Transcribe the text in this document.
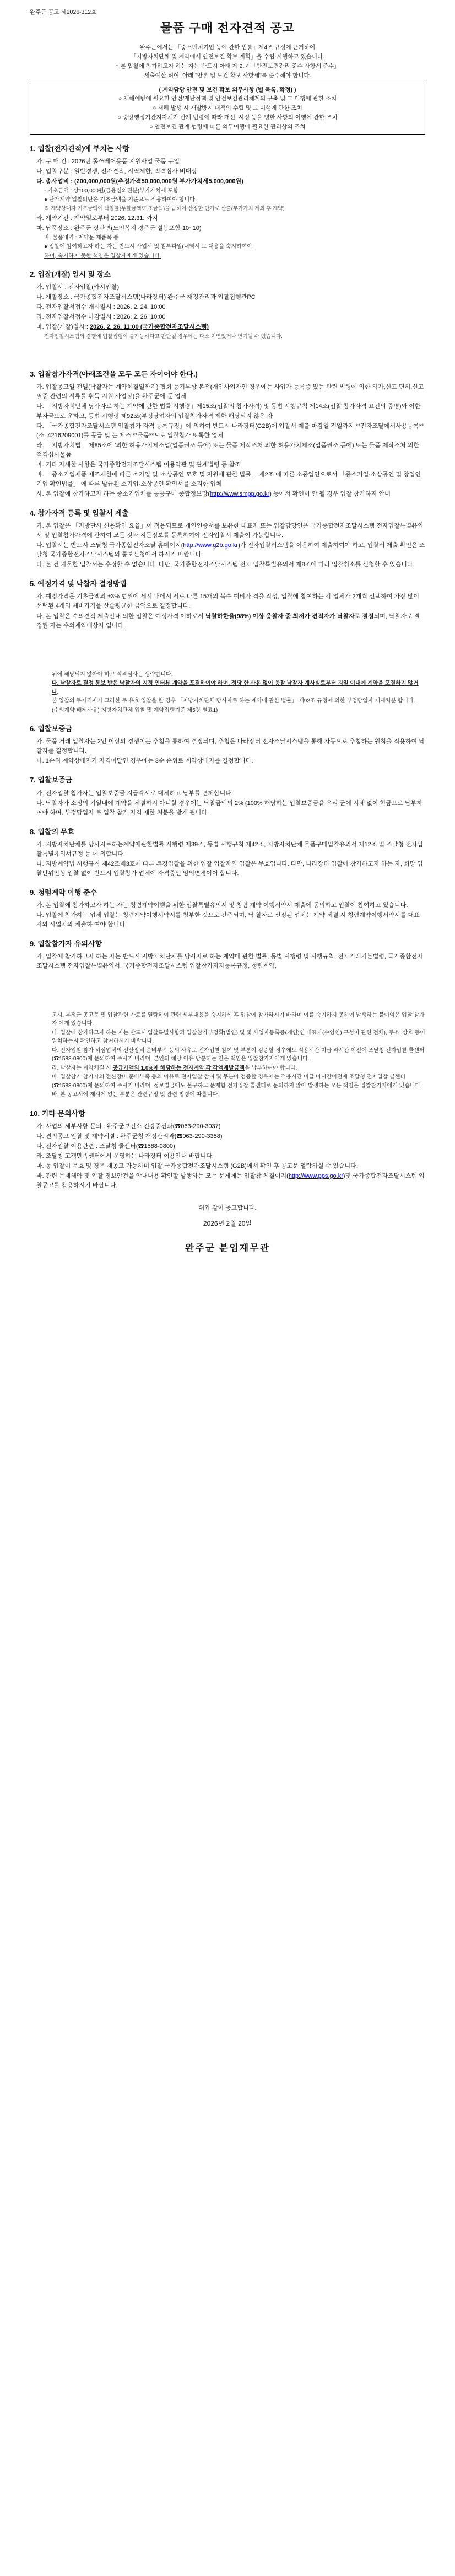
완주군 공고 제2026-312호

물품 구매 전자견적 공고
완주군에서는 「중소벤처기업 등에 관한 법률」제4조 규정에 근거하여
「지방자치단체 및 계약에서 안전보건 확보 계획」을 수립·시행하고 있습니다.
○ 본 입찰에 참가하고자 하는 자는 반드시 아래 제 2. 4 「안전보건관리 준수 사항세 준수」
세출예산 허여, 아래 "안론 및 보건 확보 사항세"를 준수해야 합니다.
( 계약담당 안전 및 보건 확보 의무사항 (별 목록, 확정) )
○ 재해예방에 필요한 안전/재난정책 및 안전보건관리체계의 구축 및 그 이행에 관한 조치
○ 재해 발생 시 재발방지 대책의 수립 및 그 이행에 관한 조치
○ 중앙행정기관지자체가 관계 법령에 따라 개선, 시정 등을 명한 사항의 이행에 관한 조치
○ 안전보건 관계 법령에 따른 의무이행에 필요한 관리상의 조치
1. 입찰(전자견적)에 부치는 사항

가. 구 매 건 : 2026년 홀쓰케어용품 지원사업 물품 구입

나. 입찰구분 : 일반경쟁, 전자견적, 지역제한, 적격심사 비대상

다. 총사업비 : (200,000,000원(추정가격50,000,000원 부가가치세5,000,000원)

- 기초금액 : 상100,000원(금융심의된분)부가가치세 포함

● 단가계약 입찰의단은 기초금액을 기준으로 적용하여야 합니다.

※ 계약상대자 기초금액에 낙찰률(투찰금액/기초금액)을 곱하여 산정한 단가로 산출(부가가치 제외 후 계약)

라. 계약기간 : 계약일로부터 2026. 12.31. 까지

마. 납품장소 : 완주군 상관면(노인복지 경주군 설봉포함 10~10)

바. 물품내역 : 계약문 제품목 품

● 입찰에 참여하고자 하는 자는 반드시 사업서 및 첨부파일(내역서 그 대용을 숙지하여야

하며, 숙지하지 못한 책임은 입찰자에게 있습니다.

2. 입찰(개찰) 일시 및 장소

가. 입찰서 : 전자입찰(카시입찰)

나. 개찰장소 : 국가종합전자조달시스템(나라장터) 완주군 재정관리과 입찰집행관PC

다. 전자입찰서접수 개시일시 : 2026. 2. 24. 10:00

라. 전자입찰서접수 마감일시 : 2026. 2. 26. 10:00

마. 입찰(개찰)일시 : 2026. 2. 26. 11:00 (국가종합전자조달시스템)

전자입찰시스템의 경쟁에 입찰집행이 불가능하다고 판단될 경우에는 다소 지연있거나 연기될 수 있습니다.

3. 입찰참가자격(아래조건을 모두 모든 자이어야 한다.)

가. 입찰공고일 전일(낙찰자는 계약체결일까지) 협회 등기부상 본점(개인사업자인 경우에는 사업자 등록증 있는 관련 법령에 의한 허가,신고,면허,신고필증 관련의 서류를 취득 지원 사업장)을 완주군에 둔 업체

나. 「지방자치단체 당사자로 하는 계약에 관한 법률 시행령」제15조(입찰의 참가자격) 및 동법 시행규칙 제14조(입찰 참가자격 요건의 증명)와 이한 부자금으로 운하고, 동법 시행령 제92조(부정당업자의 입찰참가자격 제한 해당되지 않은 자

다. 「국가종합전자조달시스템 입찰참가 자격 등록규정」에 의하여 반드시 나라장터(G2B)에 입찰서 제출 마감일 전일까지 **전자조달에서사용등록**(조: 4216209001)를 공급 및 는 제조 **물품**으로 입찰참가 또록한 업체

라. 「지방자치법」 제85조에 '의한 허용가치제조업(업품권조 등에) 또는 물품 제작조처 의한 허용가치제조(업품권조 등에) 또는 물품 제작조처 의한 적격심사물품

마. 기타 자세한 사항은 국가종합전자조달시스템 이용약관 및 관계법령 등 참조

바. 「중소기업제품 제조제한에 따른 소기업 및 '소상공인 모호 및 지원에 관한 법률」 제2조 에 따른 소중업인으로서 「중소기업·소상공인 및 창업인기업 확인법률」 에 따른 발급된 소기업·소상공인 확인서를 소지한 업체

사. 본 입찰에 참가하고자 하는 중소기업체를 공공구매 종합정보망(http://www.smpp.go.kr) 등에서 확인이 안 될 경우 입찰 참가하지 안내

4. 참가자격 등록 및 입찰서 제출

가. 본 입찰은 「지방단사 신용확인 요율」이 적용되므로 개인인증서를 보유한 대표자 또는 입찰담당인은 국가종합전자조달시스템 전자입찰특별유의서 및 입찰참가자격에 관하여 모든 것과 지문정보를 등록하여야 전자입찰서 제출이 가능합니다.

나. 입찰서는 반드시 조달청 국가종합전자조달 홈페이지(http://www.g2b.go.kr)가 전자입찰서스템을 이용하여 제출하여야 하고, 입찰서 제출 확인은 조달청 국가종합전자조달시스템의 통보신청에서 하시기 바랍니다.

다. 본 건 자물한 입찰서는 수정할 수 없습니다. 다만, 국가종합전자조달시스템 전자 입찰특별유의서 제8조에 따라 입찰취소를 신청할 수 있습니다.

5. 예정가격 및 낙찰자 결정방법

가. 예정가격은 기초금액의 ±3% 범위에 세시 내에서 서로 다른 15개의 복수 예비가 격을 작성, 입찰에 참여하는 각 업체가 2개씩 선택하여 가장 많이 선택된 4개의 예비가격을 산술평균한 금액으로 결정합니다.

나. 본 입찰은 수의견적 제출안내 의한 입찰은 예정가격 이하로서 낙찰하한율(98%) 이상 응찰자 중 최저가 견적자가 낙찰자로 결정되며, 낙찰자로 결정된 자는 수의계약대상자 입니다.

위에 해당되지 않아야 하고 적격심사는 생략합니다.

다. 낙찰자로 결정 통보 받은 낙찰자의 지정 인터뷰 계약을 포결하여야 하며, 정당 한 사유 없이 응찰 낙찰자 계사실로부터 지일 이내에 계약을 포결하지 않거나,

본 입찰의 무자격자가 그러한 무 유효 입찰을 한 경우 「지방자치단체 당사자로 하는 계약에 관한 법률」 제92조 규정에 의한 부정당업자 제재처분 합니다.

(수의계약 배제사유) 지방자치단체 입찰 및 계약집행기준 제5장 별표1)

6. 입찰보증금

가. 물품 거래 입찰자는 2인 이상의 경쟁이는 추첨을 통하여 결정되며, 추첨은 나라장터 전자조달시스템을 통해 자동으로 추첨하는 원칙을 적용하여 낙찰자를 결정합니다.

나. 1순위 계약상대자가 자격미달인 경우에는 3순 순위로 계약상대자를 결정합니다.

7. 입찰보증금

가. 전자입찰 참가자는 입찰보증금 지급각서로 대체하고 납부를 면제합니다.

나. 낙찰자가 소정의 기일내에 계약을 체결하지 아니할 경우에는 낙찰금액의 2% (100% 해당하는 입찰보증금을 우리 군에 지체 없이 현금으로 납부하여야 하며, 부정당업자 로 입찰 참가 자격 제한 처분을 받게 됩니다.

8. 입찰의 무효

가. 지방자치단체를 당사자로하는계약에관한법률 시행령 제39조, 동법 시행규칙 제42조, 지방자치단체 물품구매입찰유의서 제12조 및 조달청 전자입찰특별유의서규정 등 에 의합니다.

나. 지방계약법 시행규칙 제42조제3호에 따른 본경입찰을 위한 입찰 입찰자의 입찰은 무효입니다. 다만, 나라장터 입찰에 참가하고자 하는 자, 희망 입찰단위안상 입찰 없이 반드시 입찰참가 업체에 자격증인 임의변경이어 합니다.

9. 청렴계약 이행 준수

가. 본 입찰에 참가하고자 하는 자는 청렴계약이행을 위한 입찰특별유의서 및 청렴 계약 이행서약서 제출에 동의하고 입찰에 참여하고 있습니다.

나. 입찰에 참가하는 업체 입찰는 청렴계약이행서약서를 첨부한 것으로 간주되며, 낙 찰자로 선정된 업체는 계약 체결 시 청렴계약이행서약서를 대표자와 사업자와 체출하 여야 합니다.

9. 입찰참가자 유의사항

가. 입찰에 참가하고자 하는 자는 반드시 지방자치단체를 당사자로 하는 계약에 관한 법률, 동법 시행령 및 시행규칙, 전자거래기본법령, 국가종합전자조달시스템 전자입찰특별유의서, 국가종합전자조달시스템 입찰참가자자등록규정, 청렴계약,

고시, 부정군 공고문 및 입찰관련 자료를 열람하여 관련 세부내용을 숙지하신 후 입찰에 참가하시기 바라며 이를 숙지하지 못하여 발생하는 불이익은 입찰 참가자 에게 있습니다.

나. 입찰에 참가하고자 하는 자는 반드시 입찰특별사항과 입찰참가부정확(법인) 및 및 사업자등록증(개인)인 대표자(수임인) 구성이 관련 전체), 주소, 상호 등이 일치하는지 확인하고 참여하시기 바랍니다.

다. 전자입찰 참가 허심업체의 전산장비 준비부족 등의 사유로 전자입찰 참여 및 부분이 검증할 경우에도 적용시간 미급 과시간 이전에 조달청 전자입찰 콜센터(☎1588-0800)에 문의하여 주시기 바라며, 본인의 해당 이유 당분히는 인은 책임은 입찰참가자에게 있습니다.

라. 낙찰자는 계약체결 시 공급가액의 1.0%에 해당하는 전자계약 각 각액계발금액을 납부하여야 합니다.

마. 입찰참가 참가자의 전산장비 준비부족 등의 이유로 전자입찰 참여 및 무분이 검증할 경우에는 적용시간 미급 마시간이전에 조달청 전자입찰 콜센터(☎1588-0800)에 문의하여 주시기 바라며, 정보별금에도 불구하고 문제함 전자입찰 콜센터로 문의하지 않아 발생하는 모든 책임은 입찰참가자에게 있습니다.

바. 본 공고서에 제시에 없는 부분은 관련규정 및 관련 법령에 따릅니다.

10. 기타 문의사항

가. 사업의 세부사항 문의 : 완주군보건소 건강증진과(☎063-290-3037)

나. 견적공고 입찰 및 계약체결 : 완주군청 재정관리과(☎063-290-3358)

다. 전자입찰 이용관련 : 조달청 콜센터(☎1588-0800)

라. 조달청 고객만족센터에서 운영하는 나라장터 이용안내 바랍니다.

마. 동 입찰이 무효 및 경우 재공고 가능하며 입찰 국가종합전자조달시스템 (G2B)에서 확인 후 공고문 열람하실 수 있습니다.

바. 관련 문제해약 및 입찰 정보안건을 안내내용 확인할 발행하는 모든 문제에는 입찰참 체결이지(http://www.pps.go.kr)및 국가종합전자조달시스템 입찰공고를 활용하시기 바랍니다.

위와 같이 공고합니다.

2026년 2월 20일

완주군 분임재무관
